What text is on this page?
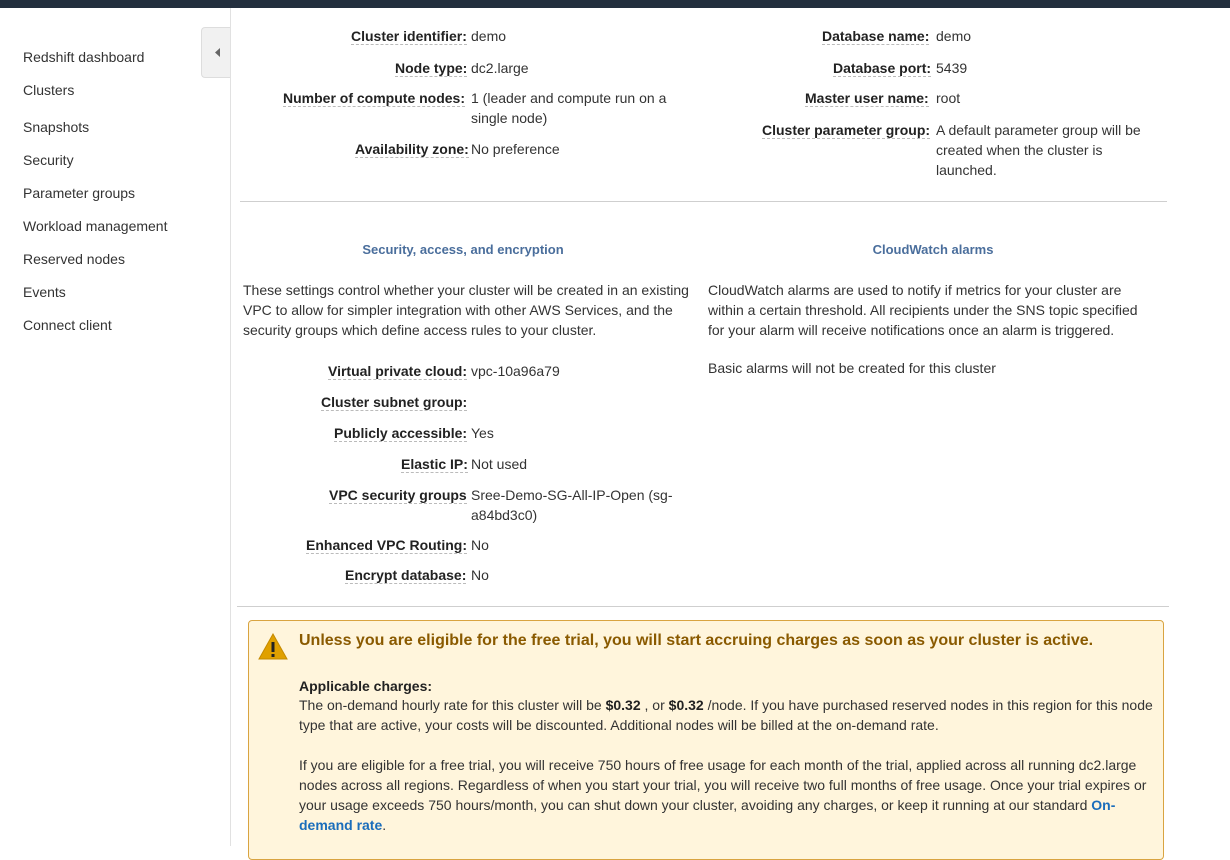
Redshift dashboard
Clusters
Snapshots
Security
Parameter groups
Workload management
Reserved nodes
Events
Connect client
Cluster identifier: demo
Node type: dc2.large
Number of compute nodes: 1 (leader and compute run on a single node)
Availability zone: No preference
Database name: demo
Database port: 5439
Master user name: root
Cluster parameter group: A default parameter group will be created when the cluster is launched.
Security, access, and encryption
These settings control whether your cluster will be created in an existing VPC to allow for simpler integration with other AWS Services, and the security groups which define access rules to your cluster.
Virtual private cloud: vpc-10a96a79
Cluster subnet group:
Publicly accessible: Yes
Elastic IP: Not used
VPC security groups Sree-Demo-SG-All-IP-Open (sg-a84bd3c0)
Enhanced VPC Routing: No
Encrypt database: No
CloudWatch alarms
CloudWatch alarms are used to notify if metrics for your cluster are within a certain threshold. All recipients under the SNS topic specified for your alarm will receive notifications once an alarm is triggered.
Basic alarms will not be created for this cluster
Unless you are eligible for the free trial, you will start accruing charges as soon as your cluster is active.
Applicable charges:
The on-demand hourly rate for this cluster will be $0.32 , or $0.32 /node. If you have purchased reserved nodes in this region for this node type that are active, your costs will be discounted. Additional nodes will be billed at the on-demand rate.
If you are eligible for a free trial, you will receive 750 hours of free usage for each month of the trial, applied across all running dc2.large nodes across all regions. Regardless of when you start your trial, you will receive two full months of free usage. Once your trial expires or your usage exceeds 750 hours/month, you can shut down your cluster, avoiding any charges, or keep it running at our standard On-demand rate.
